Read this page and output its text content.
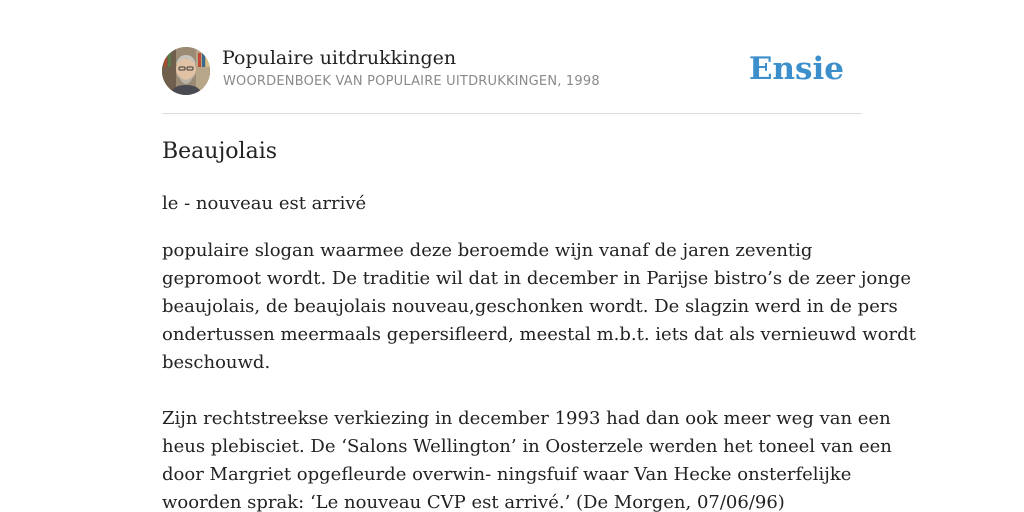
Populaire uitdrukkingen
WOORDENBOEK VAN POPULAIRE UITDRUKKINGEN, 1998	Ensie
Beaujolais
le - nouveau est arrivé

populaire slogan waarmee deze beroemde wijn vanaf de jaren zeventig
gepromoot wordt. De traditie wil dat in december in Parijse bistro’s de zeer jonge
beaujolais, de beaujolais nouveau,geschonken wordt. De slagzin werd in de pers
ondertussen meermaals gepersifleerd, meestal m.b.t. iets dat als vernieuwd wordt
beschouwd.

Zijn rechtstreekse verkiezing in december 1993 had dan ook meer weg van een
heus plebisciet. De ‘Salons Wellington’ in Oosterzele werden het toneel van een
door Margriet opgefleurde overwin- ningsfuif waar Van Hecke onsterfelijke
woorden sprak: ‘Le nouveau CVP est arrivé.’ (De Morgen, 07/06/96)
